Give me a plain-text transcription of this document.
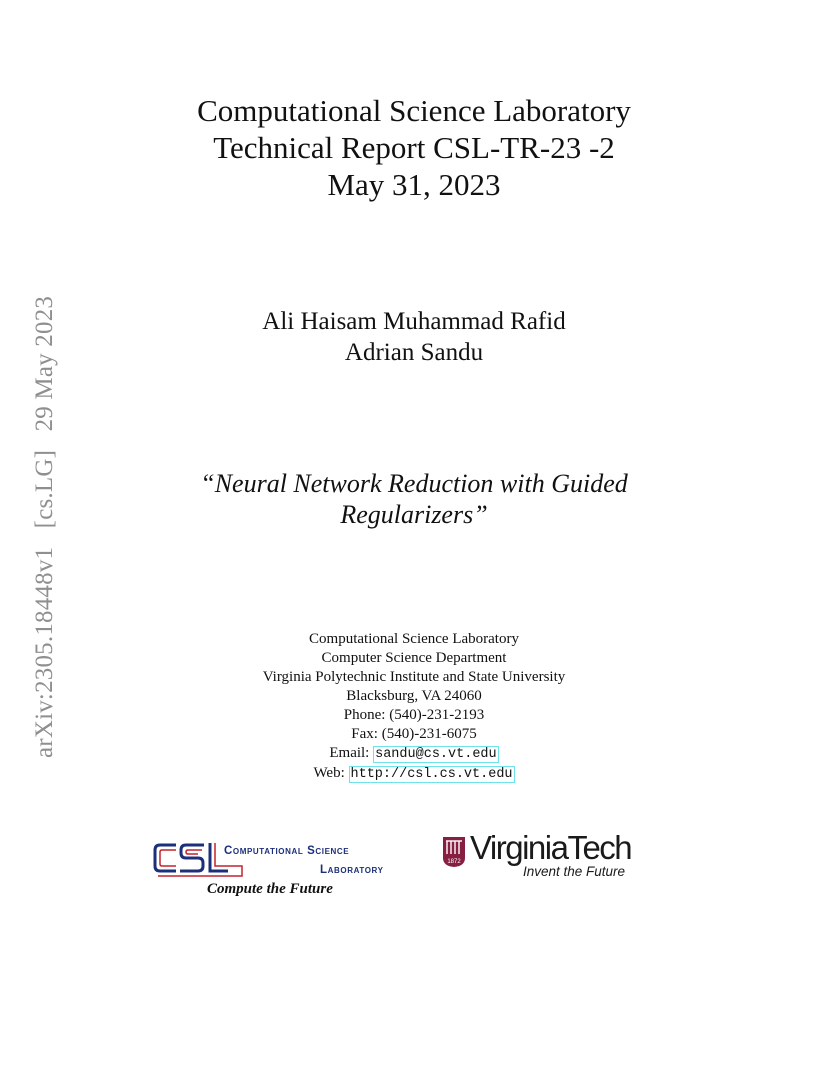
arXiv:2305.18448v1 [cs.LG] 29 May 2023
Computational Science Laboratory
Technical Report CSL-TR-23 -2
May 31, 2023
Ali Haisam Muhammad Rafid
Adrian Sandu
“Neural Network Reduction with Guided
Regularizers”
Computational Science Laboratory
Computer Science Department
Virginia Polytechnic Institute and State University
Blacksburg, VA 24060
Phone: (540)-231-2193
Fax: (540)-231-6075
Email: sandu@cs.vt.edu
Web: http://csl.cs.vt.edu
Computational Science
Laboratory
Compute the Future
1872 VirginiaTech
Invent the Future
